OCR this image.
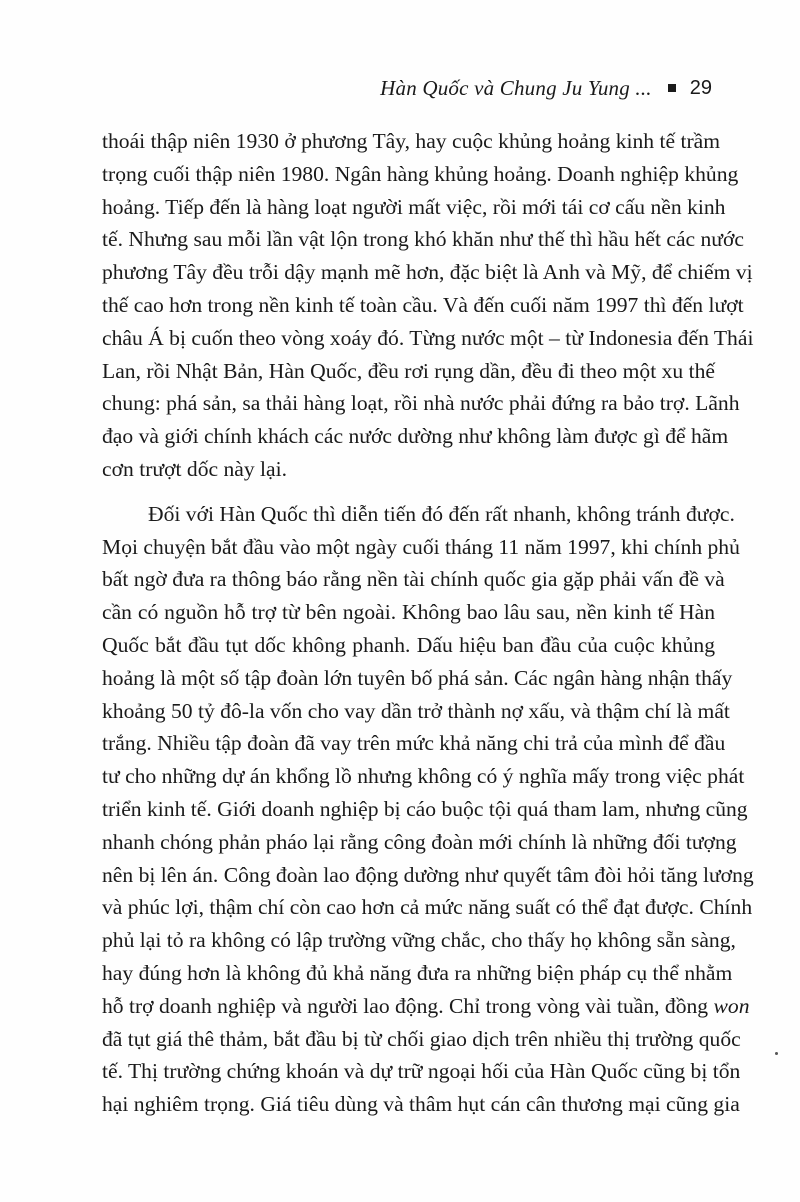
Hàn Quốc và Chung Ju Yung ... 29
thoái thập niên 1930 ở phương Tây, hay cuộc khủng hoảng kinh tế trầm
trọng cuối thập niên 1980. Ngân hàng khủng hoảng. Doanh nghiệp khủng
hoảng. Tiếp đến là hàng loạt người mất việc, rồi mới tái cơ cấu nền kinh
tế. Nhưng sau mỗi lần vật lộn trong khó khăn như thế thì hầu hết các nước
phương Tây đều trỗi dậy mạnh mẽ hơn, đặc biệt là Anh và Mỹ, để chiếm vị
thế cao hơn trong nền kinh tế toàn cầu. Và đến cuối năm 1997 thì đến lượt
châu Á bị cuốn theo vòng xoáy đó. Từng nước một – từ Indonesia đến Thái
Lan, rồi Nhật Bản, Hàn Quốc, đều rơi rụng dần, đều đi theo một xu thế
chung: phá sản, sa thải hàng loạt, rồi nhà nước phải đứng ra bảo trợ. Lãnh
đạo và giới chính khách các nước dường như không làm được gì để hãm
cơn trượt dốc này lại.
Đối với Hàn Quốc thì diễn tiến đó đến rất nhanh, không tránh được.
Mọi chuyện bắt đầu vào một ngày cuối tháng 11 năm 1997, khi chính phủ
bất ngờ đưa ra thông báo rằng nền tài chính quốc gia gặp phải vấn đề và
cần có nguồn hỗ trợ từ bên ngoài. Không bao lâu sau, nền kinh tế Hàn
Quốc bắt đầu tụt dốc không phanh. Dấu hiệu ban đầu của cuộc khủng
hoảng là một số tập đoàn lớn tuyên bố phá sản. Các ngân hàng nhận thấy
khoảng 50 tỷ đô-la vốn cho vay dần trở thành nợ xấu, và thậm chí là mất
trắng. Nhiều tập đoàn đã vay trên mức khả năng chi trả của mình để đầu
tư cho những dự án khổng lồ nhưng không có ý nghĩa mấy trong việc phát
triển kinh tế. Giới doanh nghiệp bị cáo buộc tội quá tham lam, nhưng cũng
nhanh chóng phản pháo lại rằng công đoàn mới chính là những đối tượng
nên bị lên án. Công đoàn lao động dường như quyết tâm đòi hỏi tăng lương
và phúc lợi, thậm chí còn cao hơn cả mức năng suất có thể đạt được. Chính
phủ lại tỏ ra không có lập trường vững chắc, cho thấy họ không sẵn sàng,
hay đúng hơn là không đủ khả năng đưa ra những biện pháp cụ thể nhằm
hỗ trợ doanh nghiệp và người lao động. Chỉ trong vòng vài tuần, đồng won
đã tụt giá thê thảm, bắt đầu bị từ chối giao dịch trên nhiều thị trường quốc
tế. Thị trường chứng khoán và dự trữ ngoại hối của Hàn Quốc cũng bị tổn
hại nghiêm trọng. Giá tiêu dùng và thâm hụt cán cân thương mại cũng gia
